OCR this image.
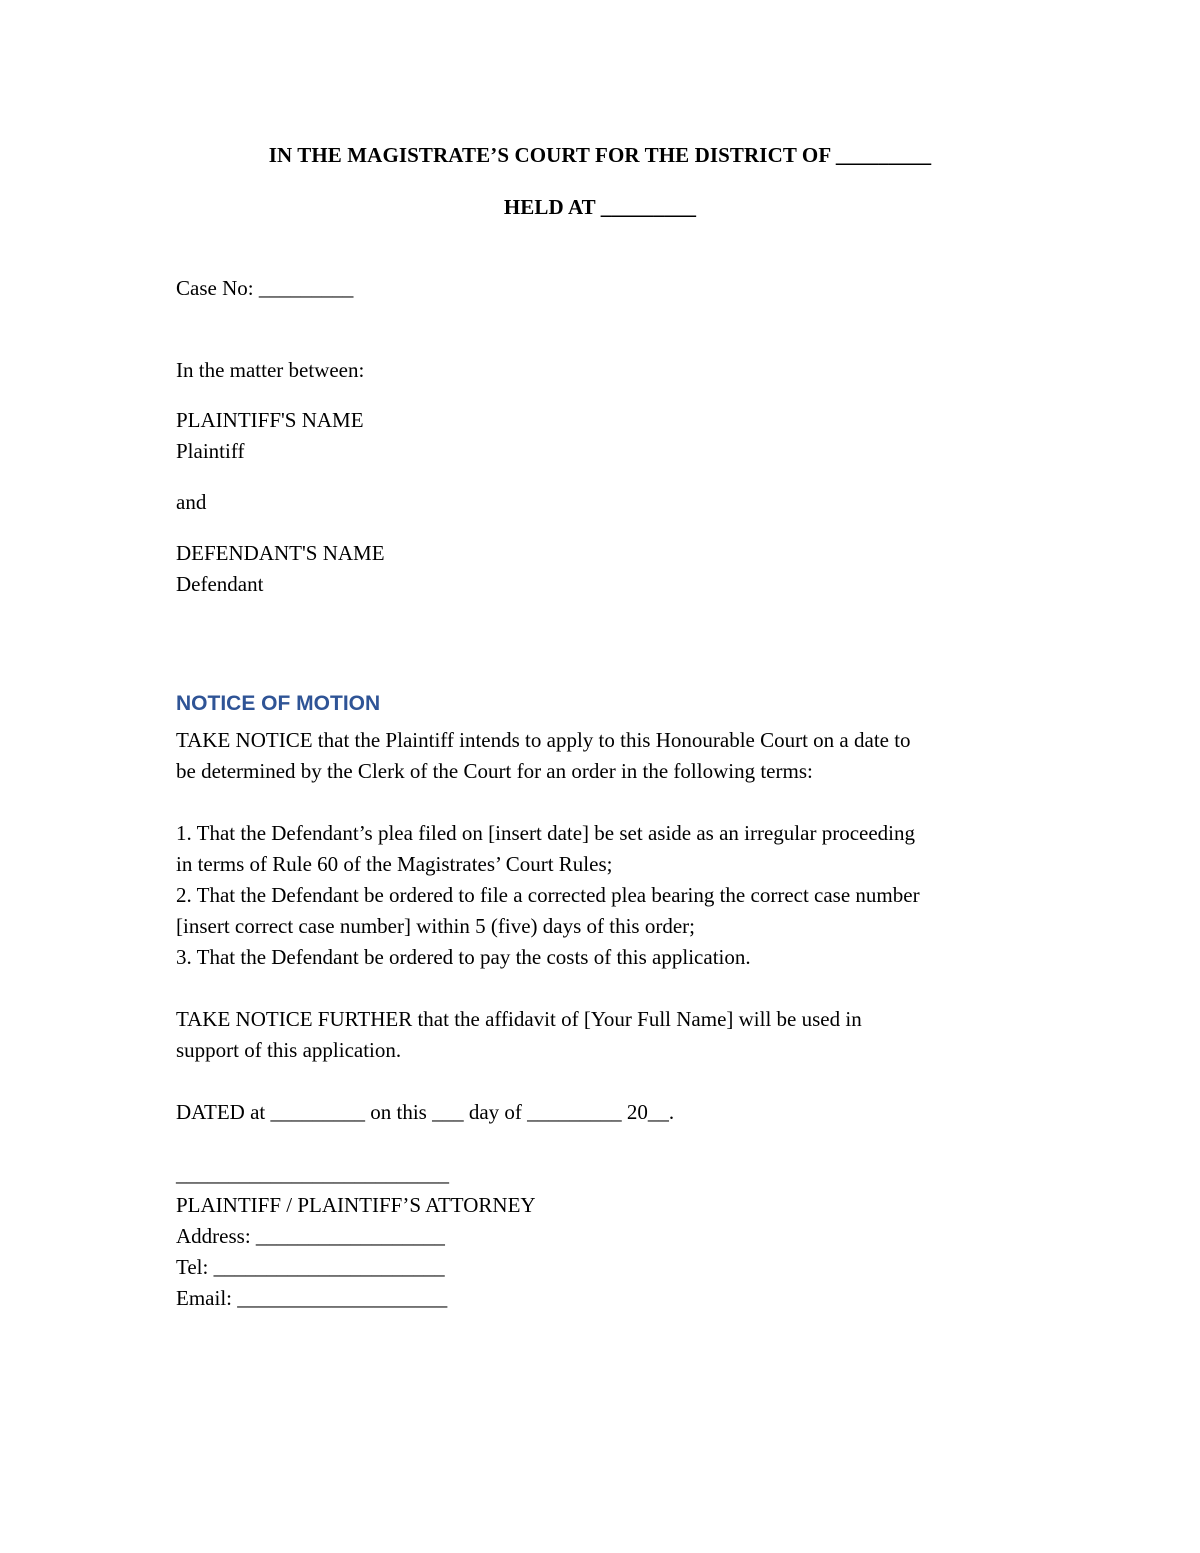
IN THE MAGISTRATE’S COURT FOR THE DISTRICT OF _________
HELD AT _________
Case No: _________
In the matter between:
PLAINTIFF'S NAME
Plaintiff
and
DEFENDANT'S NAME
Defendant
NOTICE OF MOTION
TAKE NOTICE that the Plaintiff intends to apply to this Honourable Court on a date to
be determined by the Clerk of the Court for an order in the following terms:
1. That the Defendant’s plea filed on [insert date] be set aside as an irregular proceeding
in terms of Rule 60 of the Magistrates’ Court Rules;
2. That the Defendant be ordered to file a corrected plea bearing the correct case number
[insert correct case number] within 5 (five) days of this order;
3. That the Defendant be ordered to pay the costs of this application.
TAKE NOTICE FURTHER that the affidavit of [Your Full Name] will be used in
support of this application.
DATED at _________ on this ___ day of _________ 20__.
__________________________
PLAINTIFF / PLAINTIFF’S ATTORNEY
Address: __________________
Tel: ______________________
Email: ____________________
